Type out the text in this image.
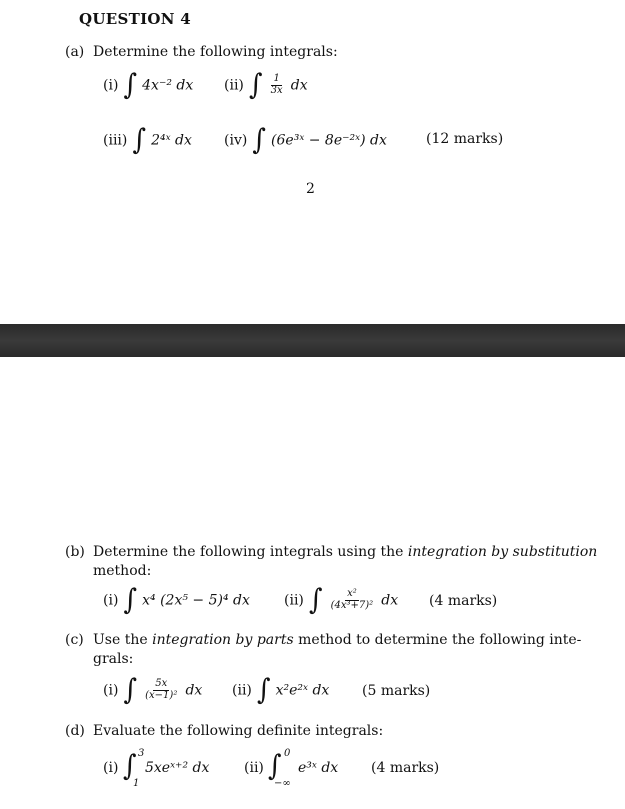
QUESTION 4
(a) Determine the following integrals:
(i) ∫ 4x⁻² dx (ii) ∫ $\frac{1}{3x}$ dx
(iii) ∫ 2⁴ˣ dx (iv) ∫ (6e³ˣ − 8e⁻²ˣ) dx	(12 marks)
2
(b) Determine the following integrals using the integration by substitution
method:
(i) ∫ x⁴ (2x⁵ − 5)⁴ dx (ii) ∫ $\frac{\text{x²}}{\text{(4x³+7)²}}$ dx (4 marks)
(c) Use the integration by parts method to determine the following inte-
grals:
(i) ∫ $\frac{5x}{\text{(x−1)²}}$ dx (ii) ∫ x²e²ˣ dx (5 marks)
(d) Evaluate the following definite integrals:
(i) ∫ 3
1
5xeˣ⁺² dx (ii) ∫ 0
−∞
e³ˣ dx (4 marks)
